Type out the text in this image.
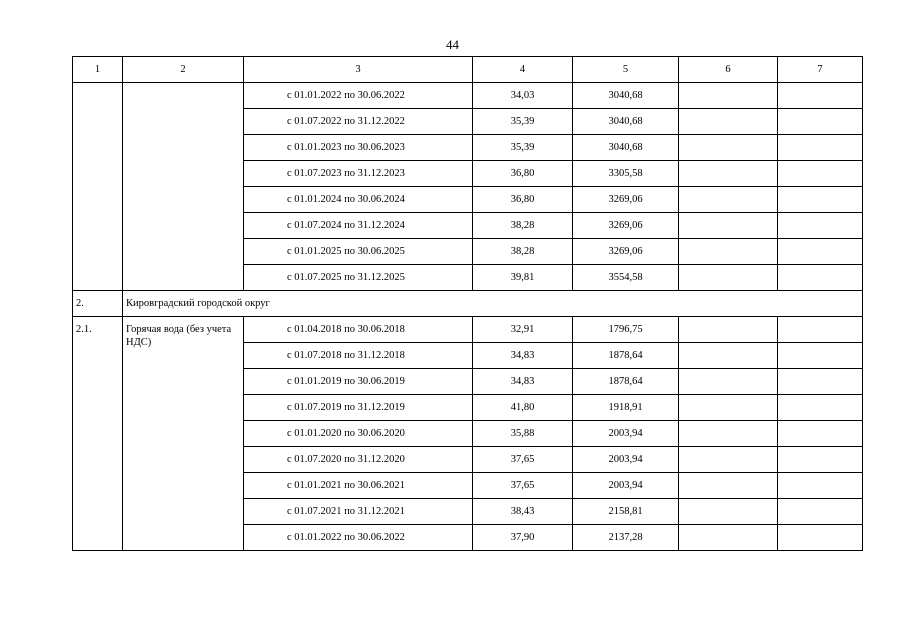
44
1	2	3	4	5	6	7
		с 01.01.2022 по 30.06.2022	34,03	3040,68		
		с 01.07.2022 по 31.12.2022	35,39	3040,68		
		с 01.01.2023 по 30.06.2023	35,39	3040,68		
		с 01.07.2023 по 31.12.2023	36,80	3305,58		
		с 01.01.2024 по 30.06.2024	36,80	3269,06		
		с 01.07.2024 по 31.12.2024	38,28	3269,06		
		с 01.01.2025 по 30.06.2025	38,28	3269,06		
		с 01.07.2025 по 31.12.2025	39,81	3554,58		
2.	Кировградский городской округ					
2.1.	Горячая вода (без учета НДС)	с 01.04.2018 по 30.06.2018	32,91	1796,75		
		с 01.07.2018 по 31.12.2018	34,83	1878,64		
		с 01.01.2019 по 30.06.2019	34,83	1878,64		
		с 01.07.2019 по 31.12.2019	41,80	1918,91		
		с 01.01.2020 по 30.06.2020	35,88	2003,94		
		с 01.07.2020 по 31.12.2020	37,65	2003,94		
		с 01.01.2021 по 30.06.2021	37,65	2003,94		
		с 01.07.2021 по 31.12.2021	38,43	2158,81		
		с 01.01.2022 по 30.06.2022	37,90	2137,28		
